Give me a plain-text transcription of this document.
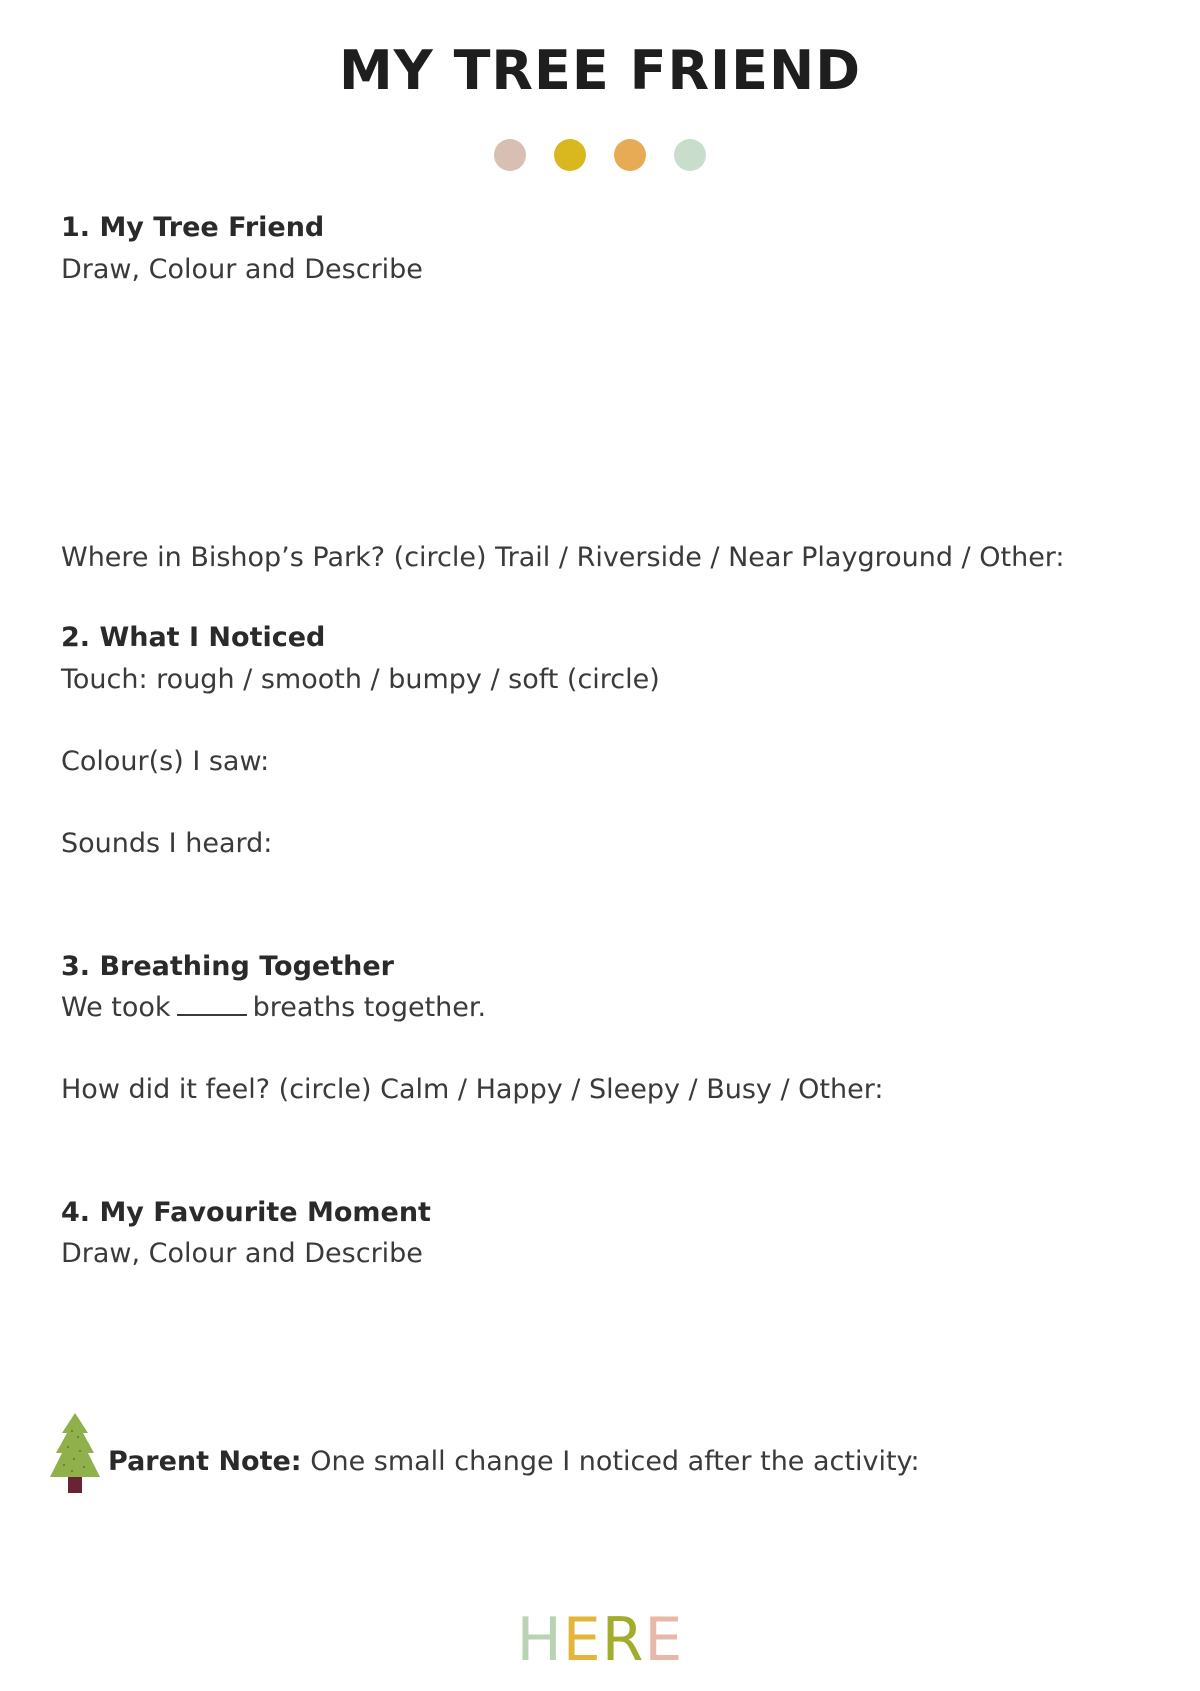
MY TREE FRIEND
1. My Tree Friend
Draw, Colour and Describe
Where in Bishop’s Park? (circle) Trail / Riverside / Near Playground / Other:
2. What I Noticed
Touch: rough / smooth / bumpy / soft (circle)
Colour(s) I saw:
Sounds I heard:
3. Breathing Together
We took	breaths together.
How did it feel? (circle) Calm / Happy / Sleepy / Busy / Other:
4. My Favourite Moment
Draw, Colour and Describe
Parent Note: One small change I noticed after the activity:
HERE
